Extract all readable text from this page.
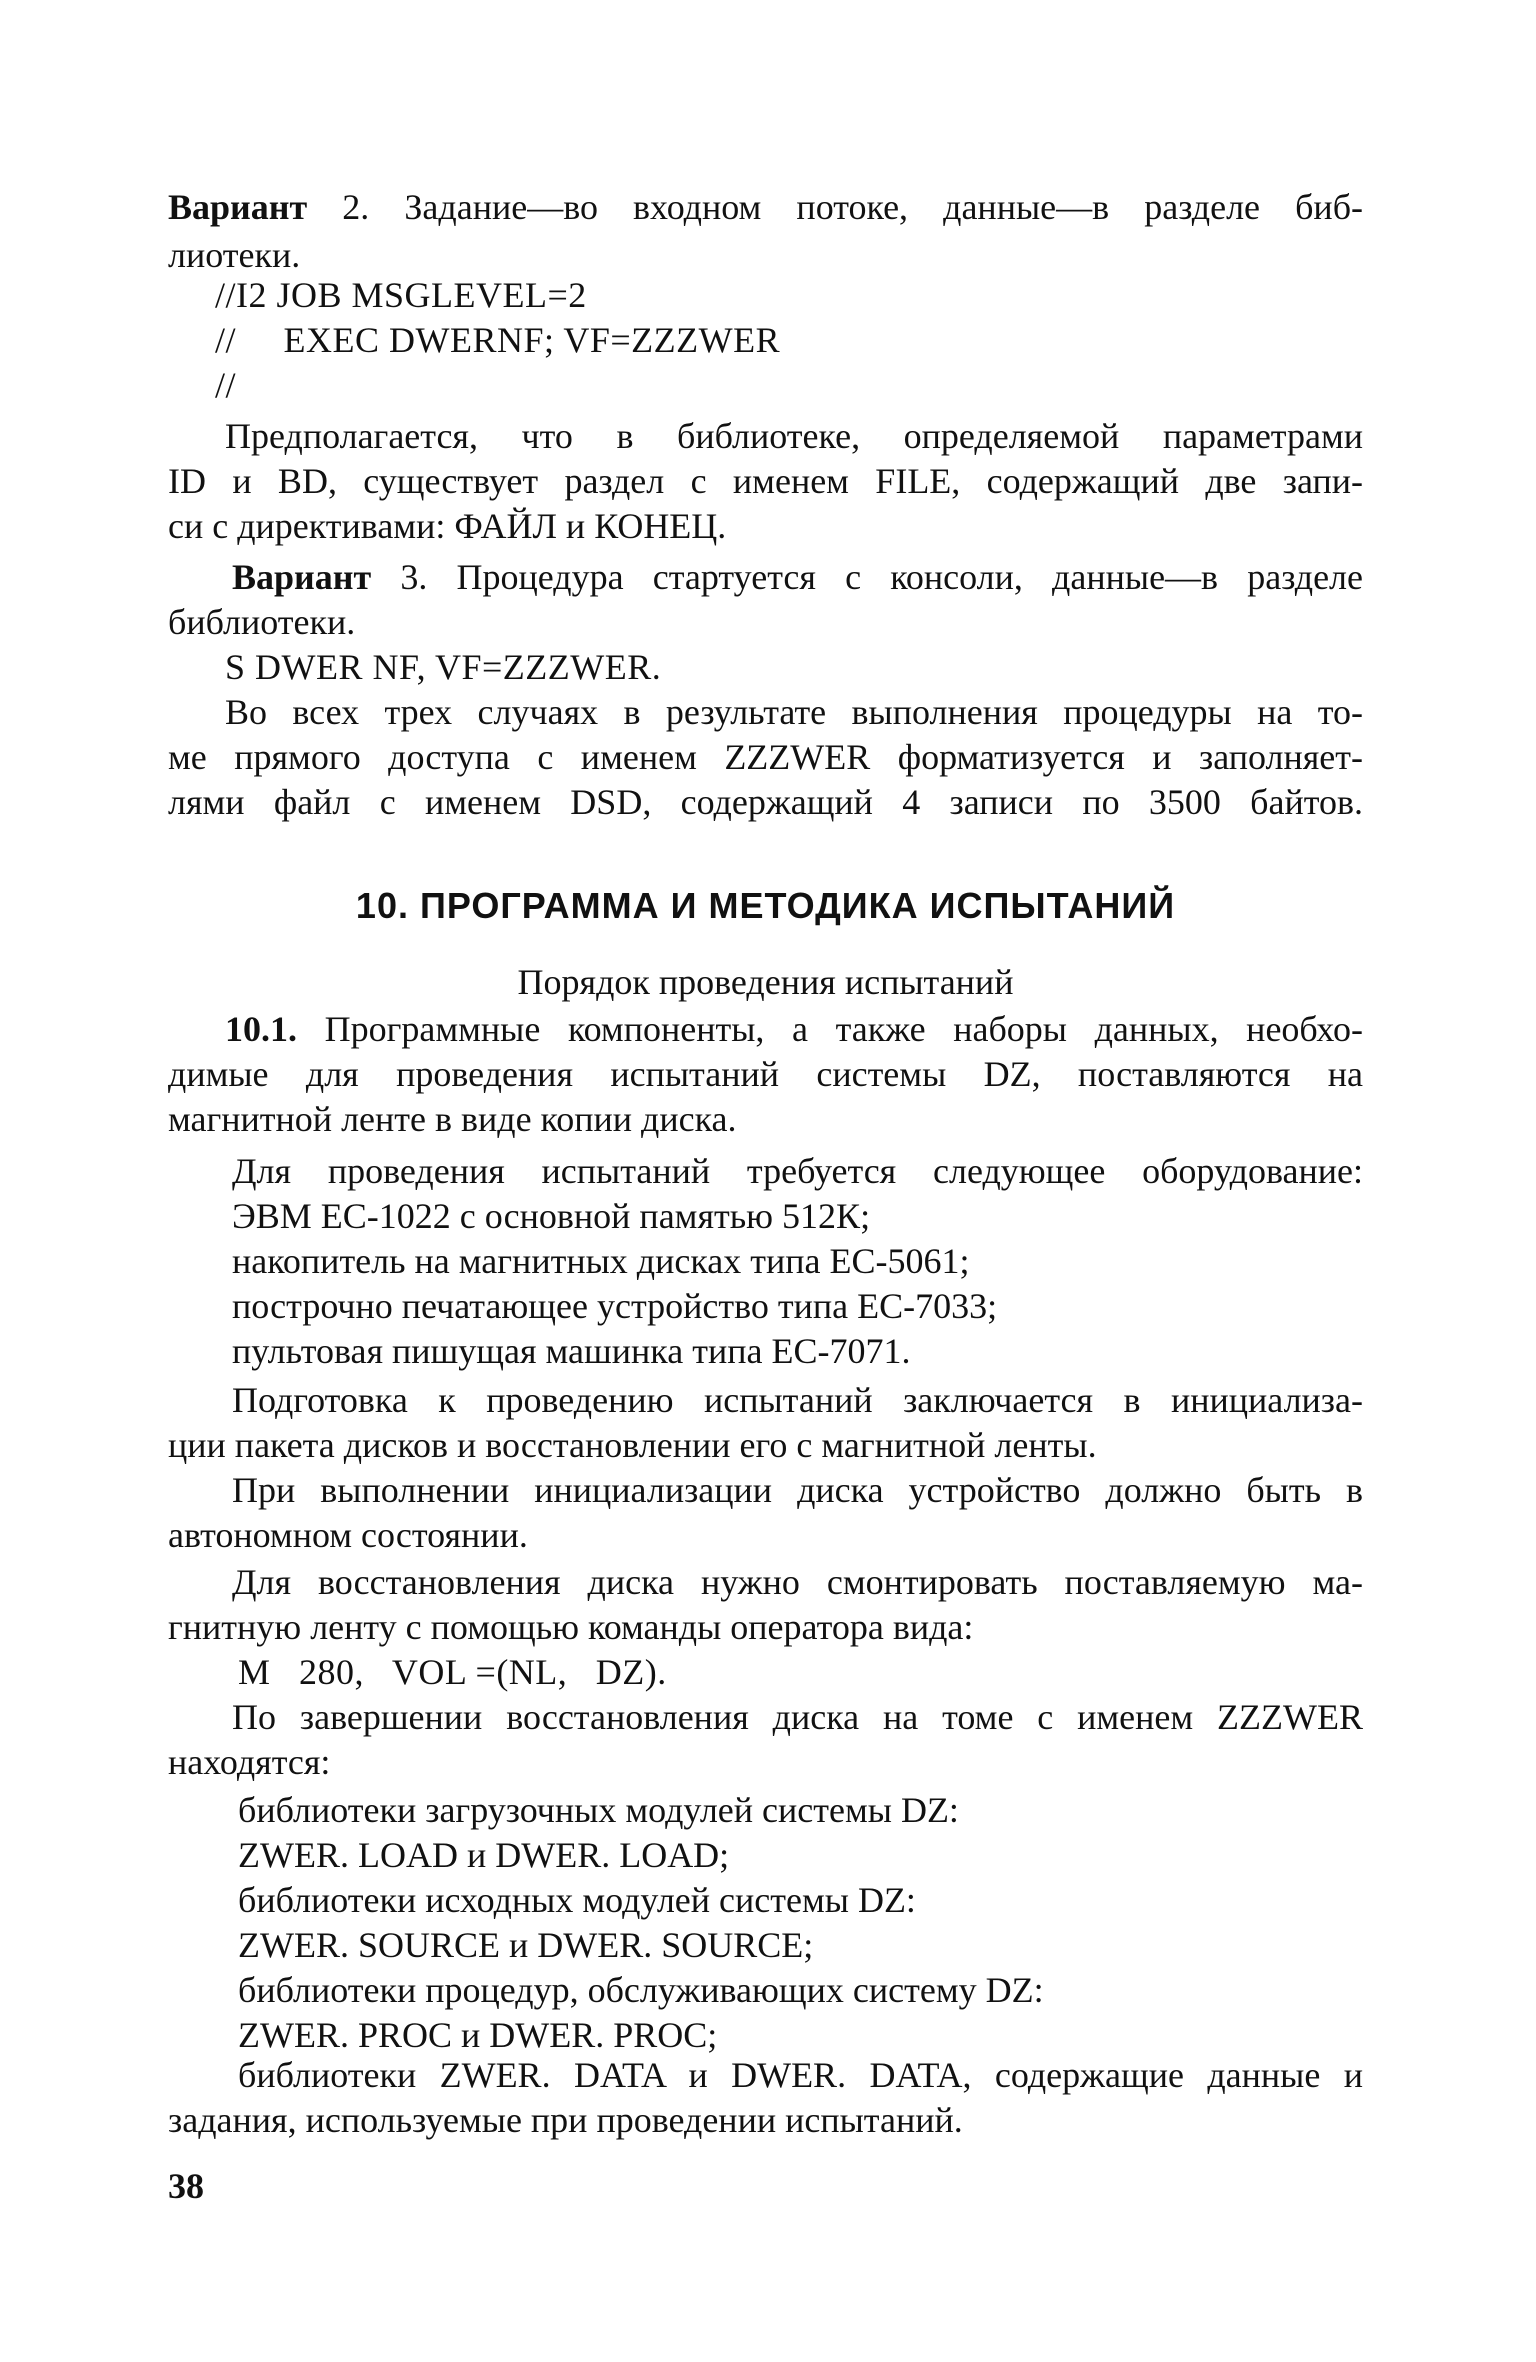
Вариант 2. Задание—во входном потоке, данные—в разделе биб-

лиотеки.

//I2 JOB MSGLEVEL=2

//     EXEC DWERNF; VF=ZZZWER

//

Предполагается, что в библиотеке, определяемой параметрами

ID и BD, существует раздел с именем FILE, содержащий две запи-

си с директивами: ФАЙЛ и КОНЕЦ.

Вариант 3. Процедура стартуется с консоли, данные—в разделе

библиотеки.

S DWER NF, VF=ZZZWER.

Во всех трех случаях в результате выполнения процедуры на то-

ме прямого доступа с именем ZZZWER форматизуется и заполняет-

лями файл с именем DSD, содержащий 4 записи по 3500 байтов.

10. ПРОГРАММА И МЕТОДИКА ИСПЫТАНИЙ

Порядок проведения испытаний

10.1. Программные компоненты, а также наборы данных, необхо-

димые для проведения испытаний системы DZ, поставляются на

магнитной ленте в виде копии диска.

Для проведения испытаний требуется следующее оборудование:

ЭВМ ЕС-1022 с основной памятью 512К;

накопитель на магнитных дисках типа ЕС-5061;

построчно печатающее устройство типа ЕС-7033;

пультовая пишущая машинка типа ЕС-7071.

Подготовка к проведению испытаний заключается в инициализа-

ции пакета дисков и восстановлении его с магнитной ленты.

При выполнении инициализации диска устройство должно быть в

автономном состоянии.

Для восстановления диска нужно смонтировать поставляемую ма-

гнитную ленту с помощью команды оператора вида:

M   280,   VOL =(NL,   DZ).

По завершении восстановления диска на томе с именем ZZZWER

находятся:

библиотеки загрузочных модулей системы DZ:

ZWER. LOAD и DWER. LOAD;

библиотеки исходных модулей системы DZ:

ZWER. SOURCE и DWER. SOURCE;

библиотеки процедур, обслуживающих систему DZ:

ZWER. PROC и DWER. PROC;

библиотеки ZWER. DATA и DWER. DATA, содержащие данные и

задания, используемые при проведении испытаний.

38
